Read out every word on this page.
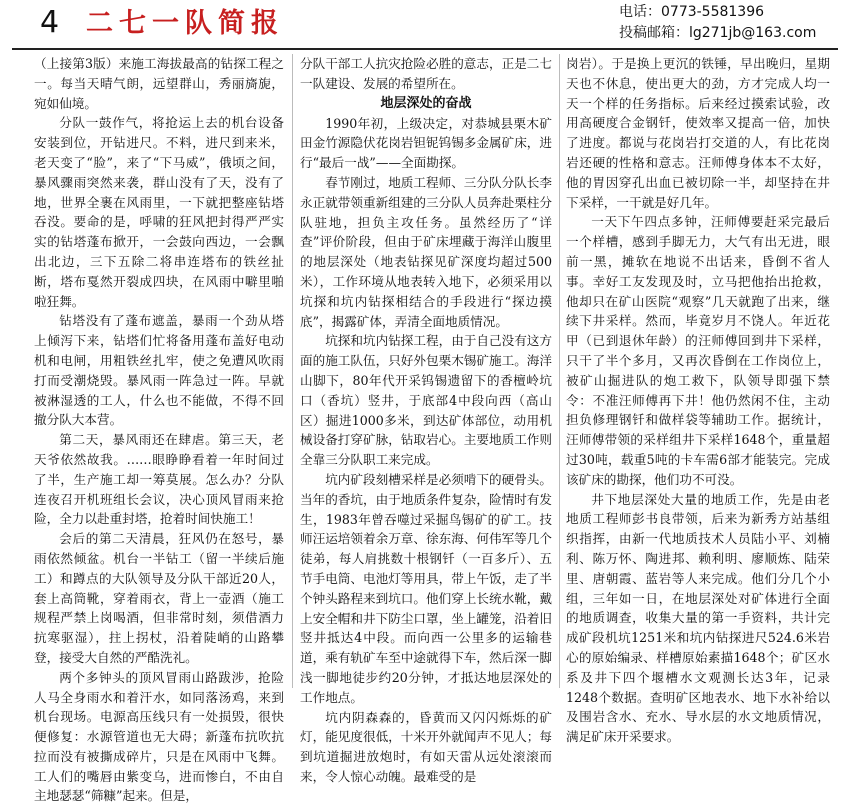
4 二七一队简报	电话：0773-5581396
投稿邮箱：lg271jb@163.com

（上接第3版）来施工海拔最高的钻探工程之一。每当天晴气朗，远望群山，秀丽旖旎，宛如仙境。

分队一鼓作气，将抢运上去的机台设备安装到位，开钻进尺。不料，进尺到来米，老天变了“脸”，来了“下马威”，俄顷之间，暴风骤雨突然来袭，群山没有了天，没有了地，世界全裹在风雨里，一下就把整座钻塔吞没。要命的是，呼啸的狂风把封得严严实实的钻塔蓬布掀开，一会鼓向西边，一会飘出北边，三下五除二将串连塔布的铁丝扯断，塔布戛然开裂成四块，在风雨中噼里啪啦狂舞。

钻塔没有了蓬布遮盖，暴雨一个劲从塔上倾泻下来，钻塔们忙将备用蓬布盖好电动机和电闸，用粗铁丝扎牢，使之免遭风吹雨打而受潮烧毁。暴风雨一阵急过一阵。早就被淋湿透的工人，什么也不能做，不得不回撤分队大本营。

第二天，暴风雨还在肆虐。第三天，老天爷依然故我。……眼睁睁看着一年时间过了半，生产施工却一筹莫展。怎么办？分队连夜召开机班组长会议，决心顶风冒雨来抢险，全力以赴重封塔，抢着时间快施工！

会后的第二天清晨，狂风仍在怒号，暴雨依然倾盆。机台一半钻工（留一半续后施工）和蹲点的大队领导及分队干部近20人，套上高筒靴，穿着雨衣，背上一壶酒（施工规程严禁上岗喝酒，但非常时刻，须借酒力抗寒驱湿），拄上拐杖，沿着陡峭的山路攀登，接受大自然的严酷洗礼。

两个多钟头的顶风冒雨山路跋涉，抢险人马全身雨水和着汗水，如同落汤鸡，来到机台现场。电源高压线只有一处损毁，很快便修复：水源管道也无大碍；新蓬布抗吹抗拉而没有被撕成碎片，只是在风雨中飞舞。工人们的嘴唇由紫变乌，进而惨白，不由自主地瑟瑟“筛糠”起来。但是，

分队干部工人抗灾抢险必胜的意志，正是二七一队建设、发展的希望所在。

地层深处的奋战

1990年初，上级决定，对恭城县栗木矿田金竹源隐伏花岗岩钽铌钨锡多金属矿床，进行“最后一战”——全面勘探。

春节刚过，地质工程师、三分队分队长李永正就带领重新组建的三分队人员奔赴栗柱分队驻地，担负主攻任务。虽然经历了“详查”评价阶段，但由于矿床埋藏于海洋山腹里的地层深处（地表钻探见矿深度均超过500米），工作环境从地表转入地下，必须采用以坑探和坑内钻探相结合的手段进行“探边摸底”，揭露矿体，弄清全面地质情况。

坑探和坑内钻探工程，由于自己没有这方面的施工队伍，只好外包栗木锡矿施工。海洋山脚下，80年代开采钨锡遗留下的香檀岭坑口（香坑）竖井，于底部4中段向西（高山区）掘进1000多米，到达矿体部位，动用机械设备打穿矿脉，钻取岩心。主要地质工作则全靠三分队职工来完成。

坑内矿段刻槽采样是必须啃下的硬骨头。当年的香坑，由于地质条件复杂，险情时有发生，1983年曾吞噬过采掘鸟锡矿的矿工。技师汪运培领着余万章、徐东海、何伟军等几个徒弟，每人肩挑数十根钢钎（一百多斤）、五节手电筒、电池灯等用具，带上午饭，走了半个钟头路程来到坑口。他们穿上长统水靴，戴上安全帽和井下防尘口罩，坐上罐笼，沿着旧竖井抵达4中段。而向西一公里多的运输巷道，乘有轨矿车至中途就得下车，然后深一脚浅一脚地徒步约20分钟，才抵达地层深处的工作地点。

坑内阴森森的，昏黄而又闪闪烁烁的矿灯，能见度很低，十米开外就闻声不见人；每到坑道掘进放炮时，有如天雷从远处滚滚而来，令人惊心动魄。最难受的是

岗岩）。于是换上更沉的铁锤，早出晚归，星期天也不休息，使出更大的劲，方才完成人均一天一个样的任务指标。后来经过摸索试验，改用高硬度合金钢钎，使效率又提高一倍，加快了进度。都说与花岗岩打交道的人，有比花岗岩还硬的性格和意志。汪师傅身体本不太好，他的胃因穿孔出血已被切除一半，却坚持在井下采样，一干就是好几年。

一天下午四点多钟，汪师傅要赶采完最后一个样槽，感到手脚无力，大气有出无进，眼前一黑，摊软在地说不出话来，昏倒不省人事。幸好工友发现及时，立马把他抬出抢救，他却只在矿山医院“观察”几天就跑了出来，继续下井采样。然而，毕竟岁月不饶人。年近花甲（已到退休年龄）的汪师傅回到井下采样，只干了半个多月，又再次昏倒在工作岗位上，被矿山掘进队的炮工救下，队领导即强下禁令：不准汪师傅再下井！他仍然闲不住，主动担负修理钢钎和做样袋等辅助工作。据统计，汪师傅带领的采样组井下采样1648个，重量超过30吨，载重5吨的卡车需6部才能装完。完成该矿床的勘探，他们功不可没。

井下地层深处大量的地质工作，先是由老地质工程师彭书良带领，后来为新秀方站基组织指挥，由新一代地质技术人员陆小平、刘楠利、陈万怀、陶进邦、赖利明、廖顺炼、陆荣里、唐朝霞、蓝岩等人来完成。他们分几个小组，三年如一日，在地层深处对矿体进行全面的地质调查，收集大量的第一手资料，共计完成矿段机坑1251米和坑内钻探进尺524.6米岩心的原始编录、样槽原始素描1648个；矿区水系及井下四个堰槽水文观测长达3年，记录1248个数据。查明矿区地表水、地下水补给以及围岩含水、充水、导水层的水文地质情况，满足矿床开采要求。
